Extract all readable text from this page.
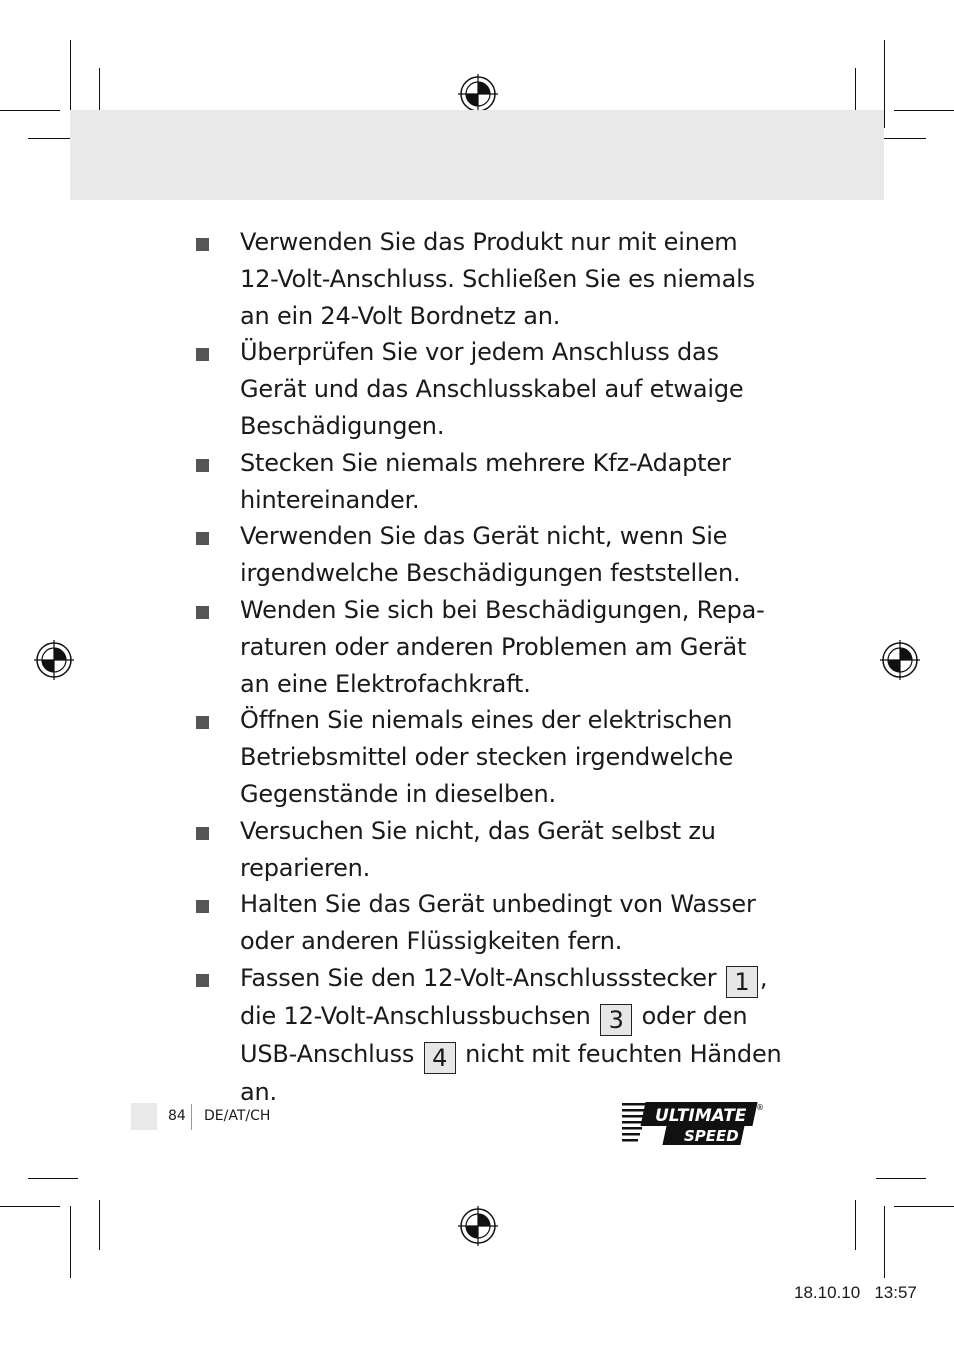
Verwenden Sie das Produkt nur mit einem
12-Volt-Anschluss. Schließen Sie es niemals
an ein 24-Volt Bordnetz an.
Überprüfen Sie vor jedem Anschluss das
Gerät und das Anschlusskabel auf etwaige
Beschädigungen.
Stecken Sie niemals mehrere Kfz-Adapter
hintereinander.
Verwenden Sie das Gerät nicht, wenn Sie
irgendwelche Beschädigungen feststellen.
Wenden Sie sich bei Beschädigungen, Repa-
raturen oder anderen Problemen am Gerät
an eine Elektrofachkraft.
Öffnen Sie niemals eines der elektrischen
Betriebsmittel oder stecken irgendwelche
Gegenstände in dieselben.
Versuchen Sie nicht, das Gerät selbst zu
reparieren.
Halten Sie das Gerät unbedingt von Wasser
oder anderen Flüssigkeiten fern.
Fassen Sie den 12-Volt-Anschlussstecker 1 ,
die 12-Volt-Anschlussbuchsen 3 oder den
USB-Anschluss 4 nicht mit feuchten Händen an.
84 DE/AT/CH	ULTIMATE
SPEED
®
18.10.10   13:57
